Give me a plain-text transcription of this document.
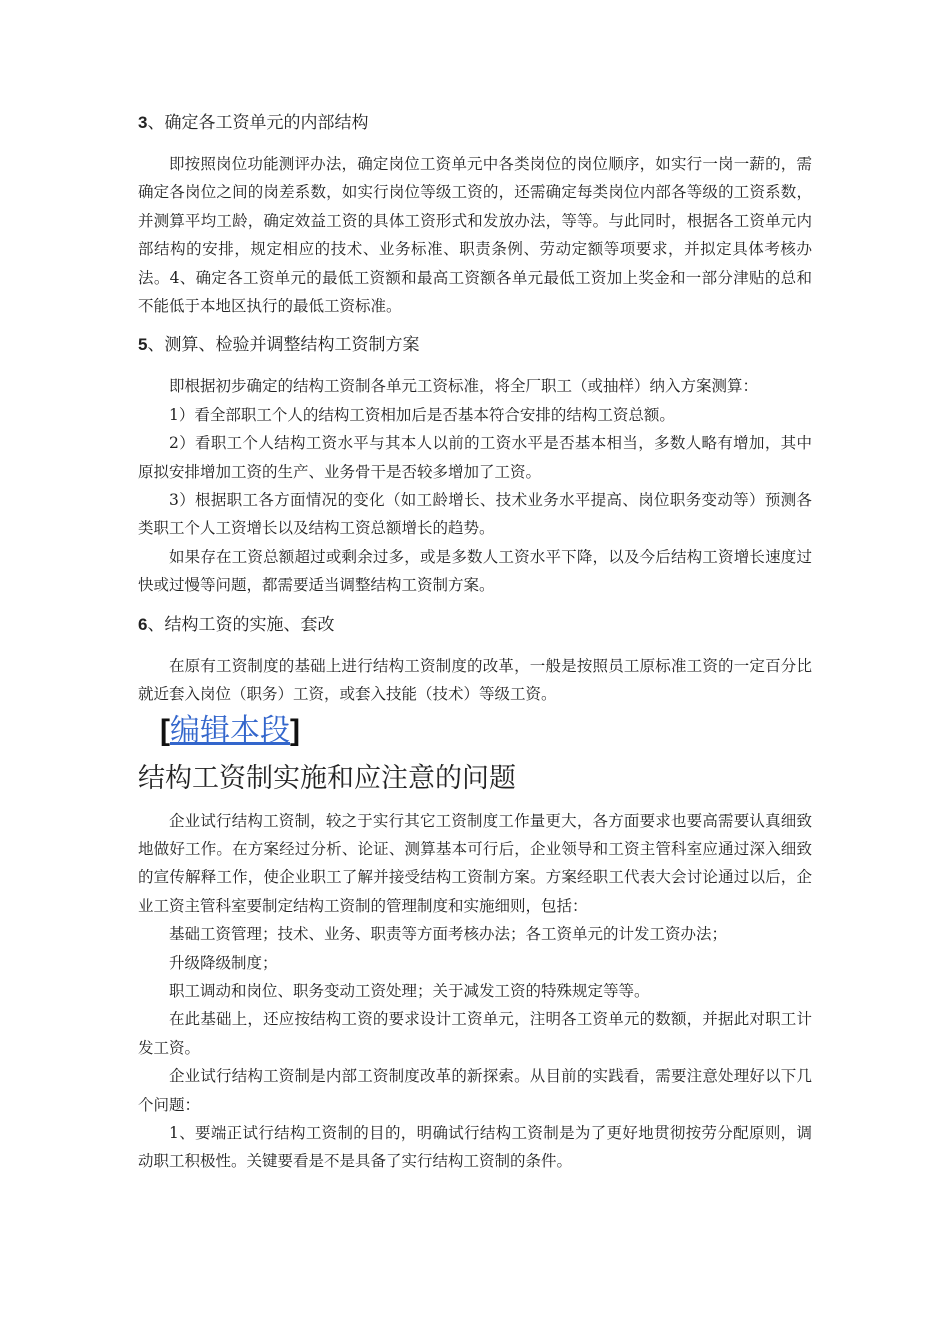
3、确定各工资单元的内部结构

即按照岗位功能测评办法，确定岗位工资单元中各类岗位的岗位顺序，如实行一岗一薪的，需确定各岗位之间的岗差系数，如实行岗位等级工资的，还需确定每类岗位内部各等级的工资系数，并测算平均工龄，确定效益工资的具体工资形式和发放办法，等等。与此同时，根据各工资单元内部结构的安排，规定相应的技术、业务标准、职责条例、劳动定额等项要求，并拟定具体考核办法。4、确定各工资单元的最低工资额和最高工资额各单元最低工资加上奖金和一部分津贴的总和不能低于本地区执行的最低工资标准。

5、测算、检验并调整结构工资制方案

即根据初步确定的结构工资制各单元工资标准，将全厂职工（或抽样）纳入方案测算：

1）看全部职工个人的结构工资相加后是否基本符合安排的结构工资总额。

2）看职工个人结构工资水平与其本人以前的工资水平是否基本相当，多数人略有增加，其中原拟安排增加工资的生产、业务骨干是否较多增加了工资。

3）根据职工各方面情况的变化（如工龄增长、技术业务水平提高、岗位职务变动等）预测各类职工个人工资增长以及结构工资总额增长的趋势。

如果存在工资总额超过或剩余过多，或是多数人工资水平下降，以及今后结构工资增长速度过快或过慢等问题，都需要适当调整结构工资制方案。

6、结构工资的实施、套改

在原有工资制度的基础上进行结构工资制度的改革，一般是按照员工原标准工资的一定百分比就近套入岗位（职务）工资，或套入技能（技术）等级工资。

[编辑本段]
结构工资制实施和应注意的问题

企业试行结构工资制，较之于实行其它工资制度工作量更大，各方面要求也要高需要认真细致地做好工作。在方案经过分析、论证、测算基本可行后，企业领导和工资主管科室应通过深入细致的宣传解释工作，使企业职工了解并接受结构工资制方案。方案经职工代表大会讨论通过以后，企业工资主管科室要制定结构工资制的管理制度和实施细则，包括：

基础工资管理；技术、业务、职责等方面考核办法；各工资单元的计发工资办法；

升级降级制度；

职工调动和岗位、职务变动工资处理；关于减发工资的特殊规定等等。

在此基础上，还应按结构工资的要求设计工资单元，注明各工资单元的数额，并据此对职工计发工资。

企业试行结构工资制是内部工资制度改革的新探索。从目前的实践看，需要注意处理好以下几个问题：

1、要端正试行结构工资制的目的，明确试行结构工资制是为了更好地贯彻按劳分配原则，调动职工积极性。关键要看是不是具备了实行结构工资制的条件。
